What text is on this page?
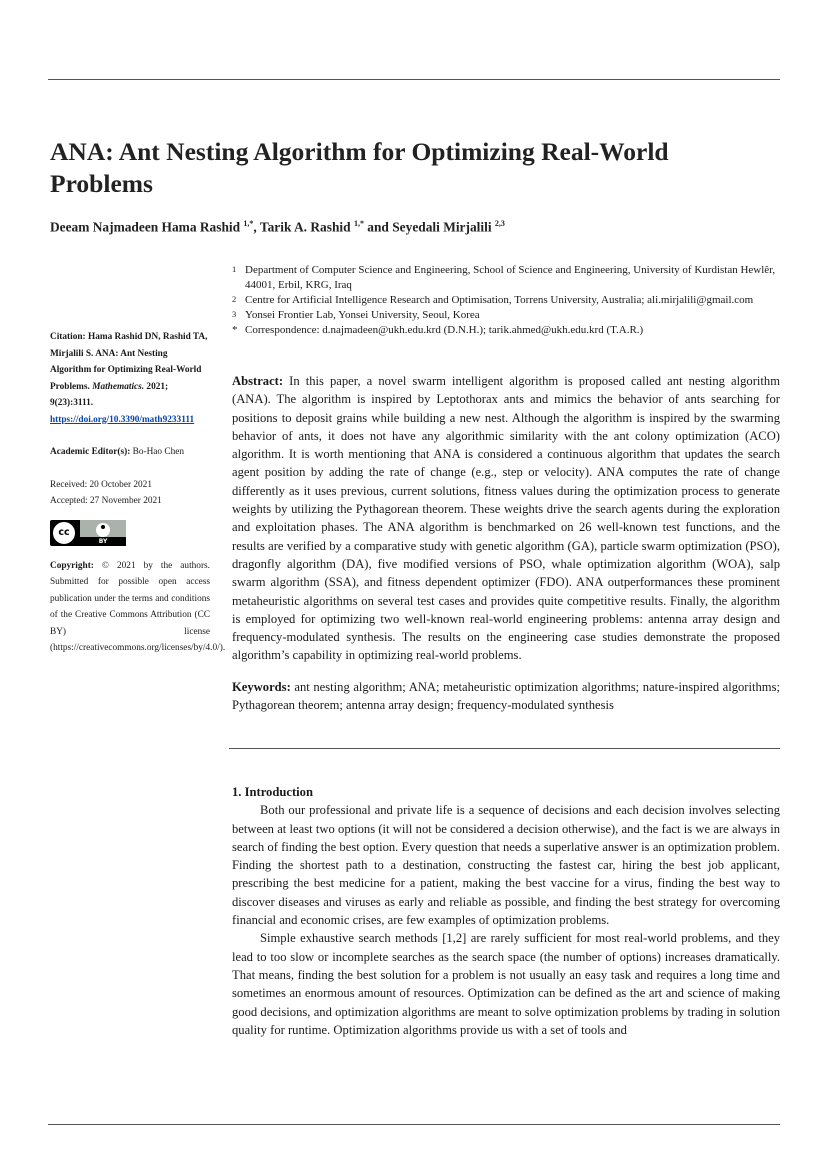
ANA: Ant Nesting Algorithm for Optimizing Real-World Problems

Deeam Najmadeen Hama Rashid $^{1,*}$, Tarik A. Rashid $^{1,*}$ and Seyedali Mirjalili $^{2,3}$

1 Department of Computer Science and Engineering, School of Science and Engineering, University of Kurdistan Hewlêr, 44001, Erbil, KRG, Iraq
2 Centre for Artificial Intelligence Research and Optimisation, Torrens University, Australia; ali.mirjalili@gmail.com
3 Yonsei Frontier Lab, Yonsei University, Seoul, Korea
* Correspondence: d.najmadeen@ukh.edu.krd (D.N.H.); tarik.ahmed@ukh.edu.krd (T.A.R.)

Citation: Hama Rashid DN, Rashid TA, Mirjalili S. ANA: Ant Nesting Algorithm for Optimizing Real-World Problems. Mathematics. 2021; 9(23):3111.
https://doi.org/10.3390/math9233111

Academic Editor(s): Bo-Hao Chen

Received: 20 October 2021

Accepted: 27 November 2021

cc
BY

Copyright: © 2021 by the authors. Submitted for possible open access publication under the terms and conditions of the Creative Commons Attribution (CC BY) license (https://creativecommons.org/licenses/by/4.0/).

Abstract: In this paper, a novel swarm intelligent algorithm is proposed called ant nesting algorithm (ANA). The algorithm is inspired by Leptothorax ants and mimics the behavior of ants searching for positions to deposit grains while building a new nest. Although the algorithm is inspired by the swarming behavior of ants, it does not have any algorithmic similarity with the ant colony optimization (ACO) algorithm. It is worth mentioning that ANA is considered a continuous algorithm that updates the search agent position by adding the rate of change (e.g., step or velocity). ANA computes the rate of change differently as it uses previous, current solutions, fitness values during the optimization process to generate weights by utilizing the Pythagorean theorem. These weights drive the search agents during the exploration and exploitation phases. The ANA algorithm is benchmarked on 26 well-known test functions, and the results are verified by a comparative study with genetic algorithm (GA), particle swarm optimization (PSO), dragonfly algorithm (DA), five modified versions of PSO, whale optimization algorithm (WOA), salp swarm algorithm (SSA), and fitness dependent optimizer (FDO). ANA outperformances these prominent metaheuristic algorithms on several test cases and provides quite competitive results. Finally, the algorithm is employed for optimizing two well-known real-world engineering problems: antenna array design and frequency-modulated synthesis. The results on the engineering case studies demonstrate the proposed algorithm’s capability in optimizing real-world problems.

Keywords: ant nesting algorithm; ANA; metaheuristic optimization algorithms; nature-inspired algorithms; Pythagorean theorem; antenna array design; frequency-modulated synthesis

1. Introduction

Both our professional and private life is a sequence of decisions and each decision involves selecting between at least two options (it will not be considered a decision otherwise), and the fact is we are always in search of finding the best option. Every question that needs a superlative answer is an optimization problem. Finding the shortest path to a destination, constructing the fastest car, hiring the best job applicant, prescribing the best medicine for a patient, making the best vaccine for a virus, finding the best way to discover diseases and viruses as early and reliable as possible, and finding the best strategy for overcoming financial and economic crises, are few examples of optimization problems.

Simple exhaustive search methods [1,2] are rarely sufficient for most real-world problems, and they lead to too slow or incomplete searches as the search space (the number of options) increases dramatically. That means, finding the best solution for a problem is not usually an easy task and requires a long time and sometimes an enormous amount of resources. Optimization can be defined as the art and science of making good decisions, and optimization algorithms are meant to solve optimization problems by trading in solution quality for runtime. Optimization algorithms provide us with a set of tools and
